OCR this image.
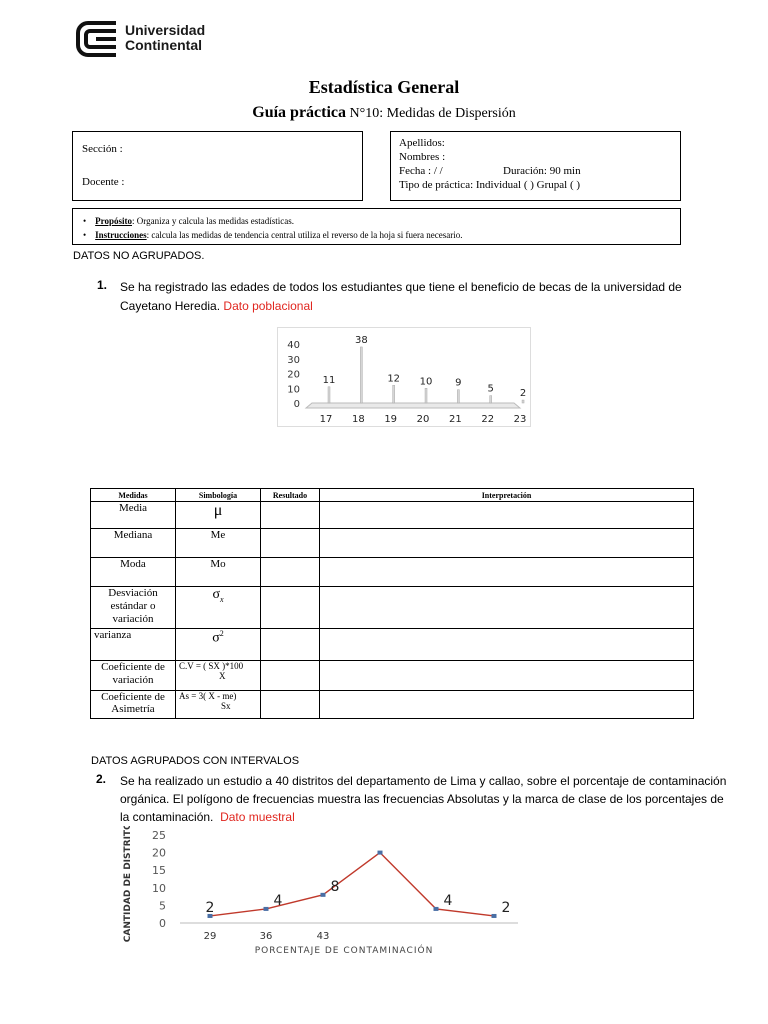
Universidad
Continental
Estadística General
Guía práctica N°10: Medidas de Dispersión
Sección :
Docente :
Apellidos:
Nombres :
Fecha : / /	Duración: 90 min
Tipo de práctica: Individual ( ) Grupal ( )
•    Propósito: Organiza y calcula las medidas estadísticas.
•    Instrucciones: calcula las medidas de tendencia central utiliza el reverso de la hoja si fuera necesario.
DATOS NO AGRUPADOS.
1. Se ha registrado las edades de todos los estudiantes que tiene el beneficio de becas de la universidad de
Cayetano Heredia. Dato poblacional
0
10
20
30
40
11
17
38
18
12
19
10
20
9
21
5
22
2
23
Medidas	Simbología	Resultado	Interpretación
Media	μ		
Mediana	Me		
Moda	Mo		
Desviación estándar o variación	$\sigma_x$		
varianza	$\sigma^2$		
Coeficiente de variación	C.V = ( SX )*100
X		

Coeficiente de Asimetría	As = 3( X - me)
Sx		

DATOS AGRUPADOS CON INTERVALOS
2. Se ha realizado un estudio a 40 distritos del departamento de Lima y callao, sobre el porcentaje de contaminación
orgánica. El polígono de frecuencias muestra las frecuencias Absolutas y la marca de clase de los porcentajes de
la contaminación. Dato muestral
0
5
10
15
20
25
CANTIDAD DE DISTRITOS
PORCENTAJE DE CONTAMINACIÓN
29	36	43
2	4
8
4	2
